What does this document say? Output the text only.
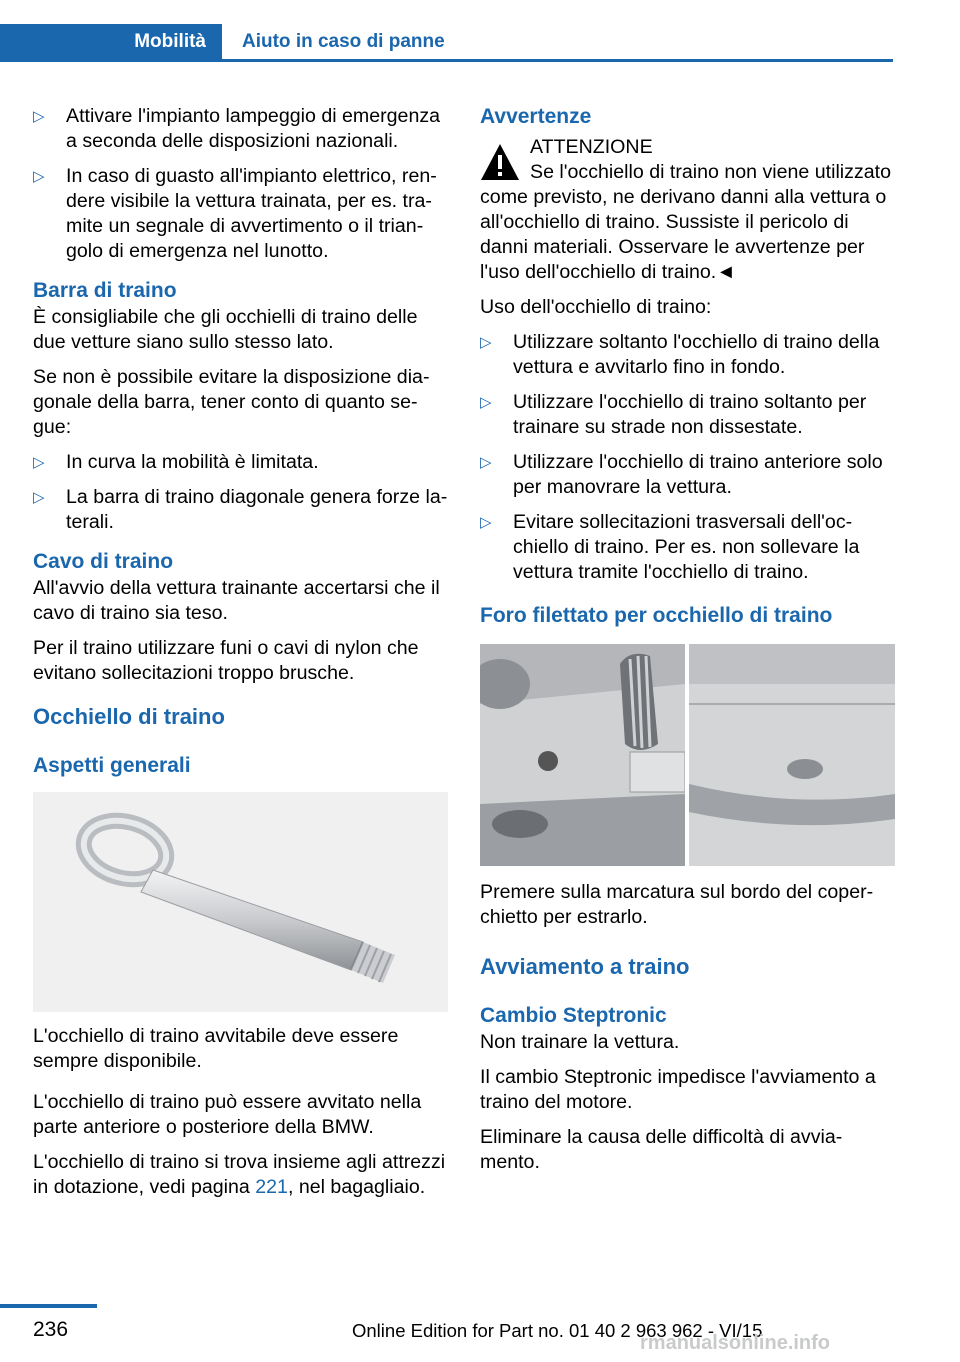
Mobilità Aiuto in caso di panne
▷ Attivare l'impianto lampeggio di emergenza a seconda delle disposizioni nazionali.
▷ In caso di guasto all'impianto elettrico, rendere visibile la vettura trainata, per es. tramite un segnale di avvertimento o il triangolo di emergenza nel lunotto.
Barra di traino

È consigliabile che gli occhielli di traino delle due vetture siano sullo stesso lato.

Se non è possibile evitare la disposizione diagonale della barra, tener conto di quanto segue:

▷ In curva la mobilità è limitata.
▷ La barra di traino diagonale genera forze laterali.
Cavo di traino

All'avvio della vettura trainante accertarsi che il cavo di traino sia teso.

Per il traino utilizzare funi o cavi di nylon che evitano sollecitazioni troppo brusche.

Occhiello di traino
Aspetti generali

L'occhiello di traino avvitabile deve essere sempre disponibile.

L'occhiello di traino può essere avvitato nella parte anteriore o posteriore della BMW.

L'occhiello di traino si trova insieme agli attrezzi in dotazione, vedi pagina 221, nel bagagliaio.

Avvertenze
ATTENZIONE
Se l'occhiello di traino non viene utilizzato come previsto, ne derivano danni alla vettura o all'occhiello di traino. Sussiste il pericolo di danni materiali. Osservare le avvertenze per l'uso dell'occhiello di traino.◄

Uso dell'occhiello di traino:

▷ Utilizzare soltanto l'occhiello di traino della vettura e avvitarlo fino in fondo.
▷ Utilizzare l'occhiello di traino soltanto per trainare su strade non dissestate.
▷ Utilizzare l'occhiello di traino anteriore solo per manovrare la vettura.
▷ Evitare sollecitazioni trasversali dell'occhiello di traino. Per es. non sollevare la vettura tramite l'occhiello di traino.
Foro filettato per occhiello di traino

Premere sulla marcatura sul bordo del coperchietto per estrarlo.

Avviamento a traino
Cambio Steptronic

Non trainare la vettura.

Il cambio Steptronic impedisce l'avviamento a traino del motore.

Eliminare la causa delle difficoltà di avviamento.

236	Online Edition for Part no. 01 40 2 963 962 - VI/15
rmanualsonline.info
